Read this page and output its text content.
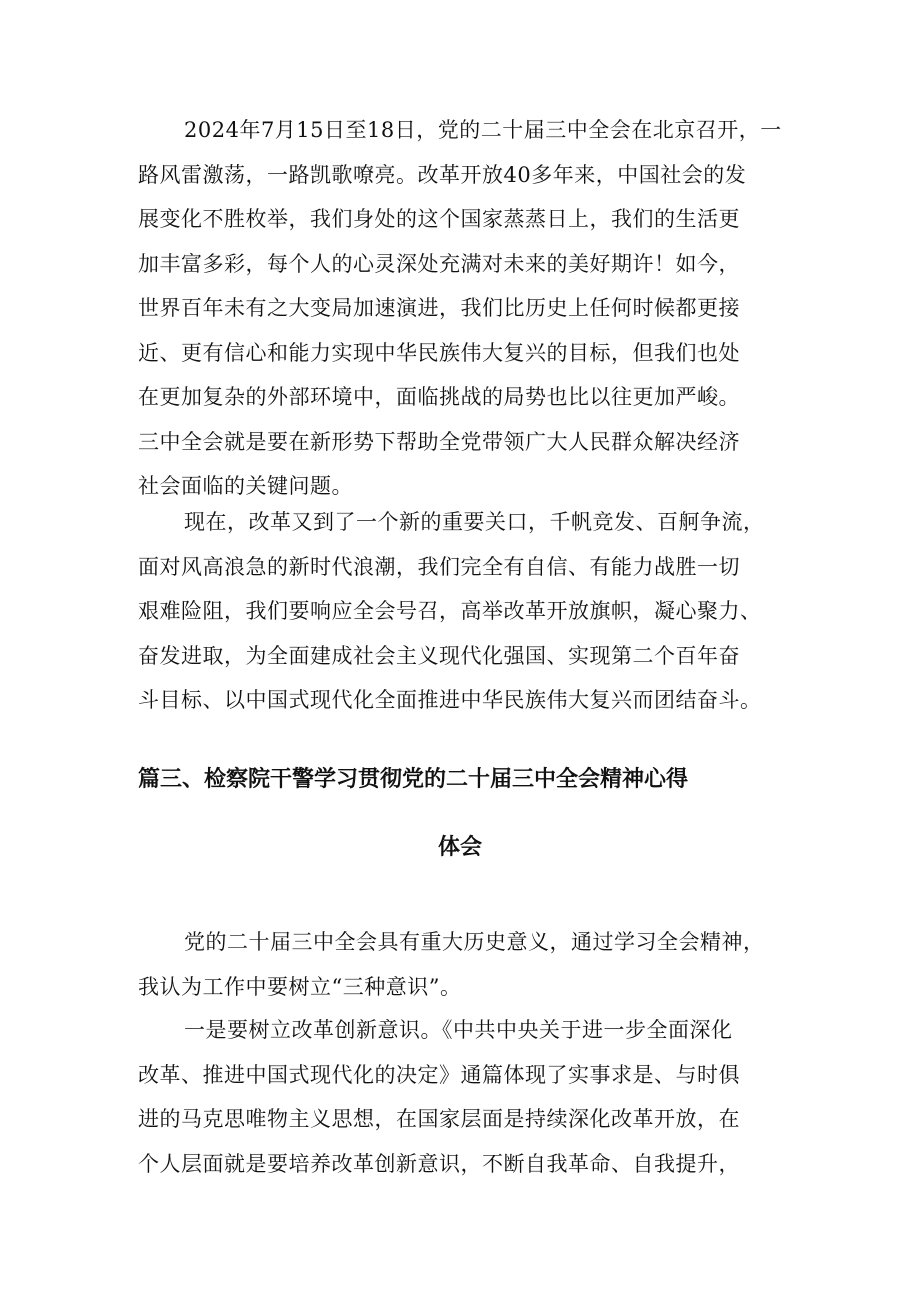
2024年7月15日至18日，党的二十届三中全会在北京召开，一
路风雷激荡，一路凯歌嘹亮。改革开放40多年来，中国社会的发
展变化不胜枚举，我们身处的这个国家蒸蒸日上，我们的生活更
加丰富多彩，每个人的心灵深处充满对未来的美好期许！如今，
世界百年未有之大变局加速演进，我们比历史上任何时候都更接
近、更有信心和能力实现中华民族伟大复兴的目标，但我们也处
在更加复杂的外部环境中，面临挑战的局势也比以往更加严峻。
三中全会就是要在新形势下帮助全党带领广大人民群众解决经济
社会面临的关键问题。
现在，改革又到了一个新的重要关口，千帆竞发、百舸争流，
面对风高浪急的新时代浪潮，我们完全有自信、有能力战胜一切
艰难险阻，我们要响应全会号召，高举改革开放旗帜，凝心聚力、
奋发进取，为全面建成社会主义现代化强国、实现第二个百年奋
斗目标、以中国式现代化全面推进中华民族伟大复兴而团结奋斗。
篇三、检察院干警学习贯彻党的二十届三中全会精神心得
体会
党的二十届三中全会具有重大历史意义，通过学习全会精神，
我认为工作中要树立“三种意识”。
一是要树立改革创新意识。《中共中央关于进一步全面深化
改革、推进中国式现代化的决定》通篇体现了实事求是、与时俱
进的马克思唯物主义思想，在国家层面是持续深化改革开放，在
个人层面就是要培养改革创新意识，不断自我革命、自我提升，
